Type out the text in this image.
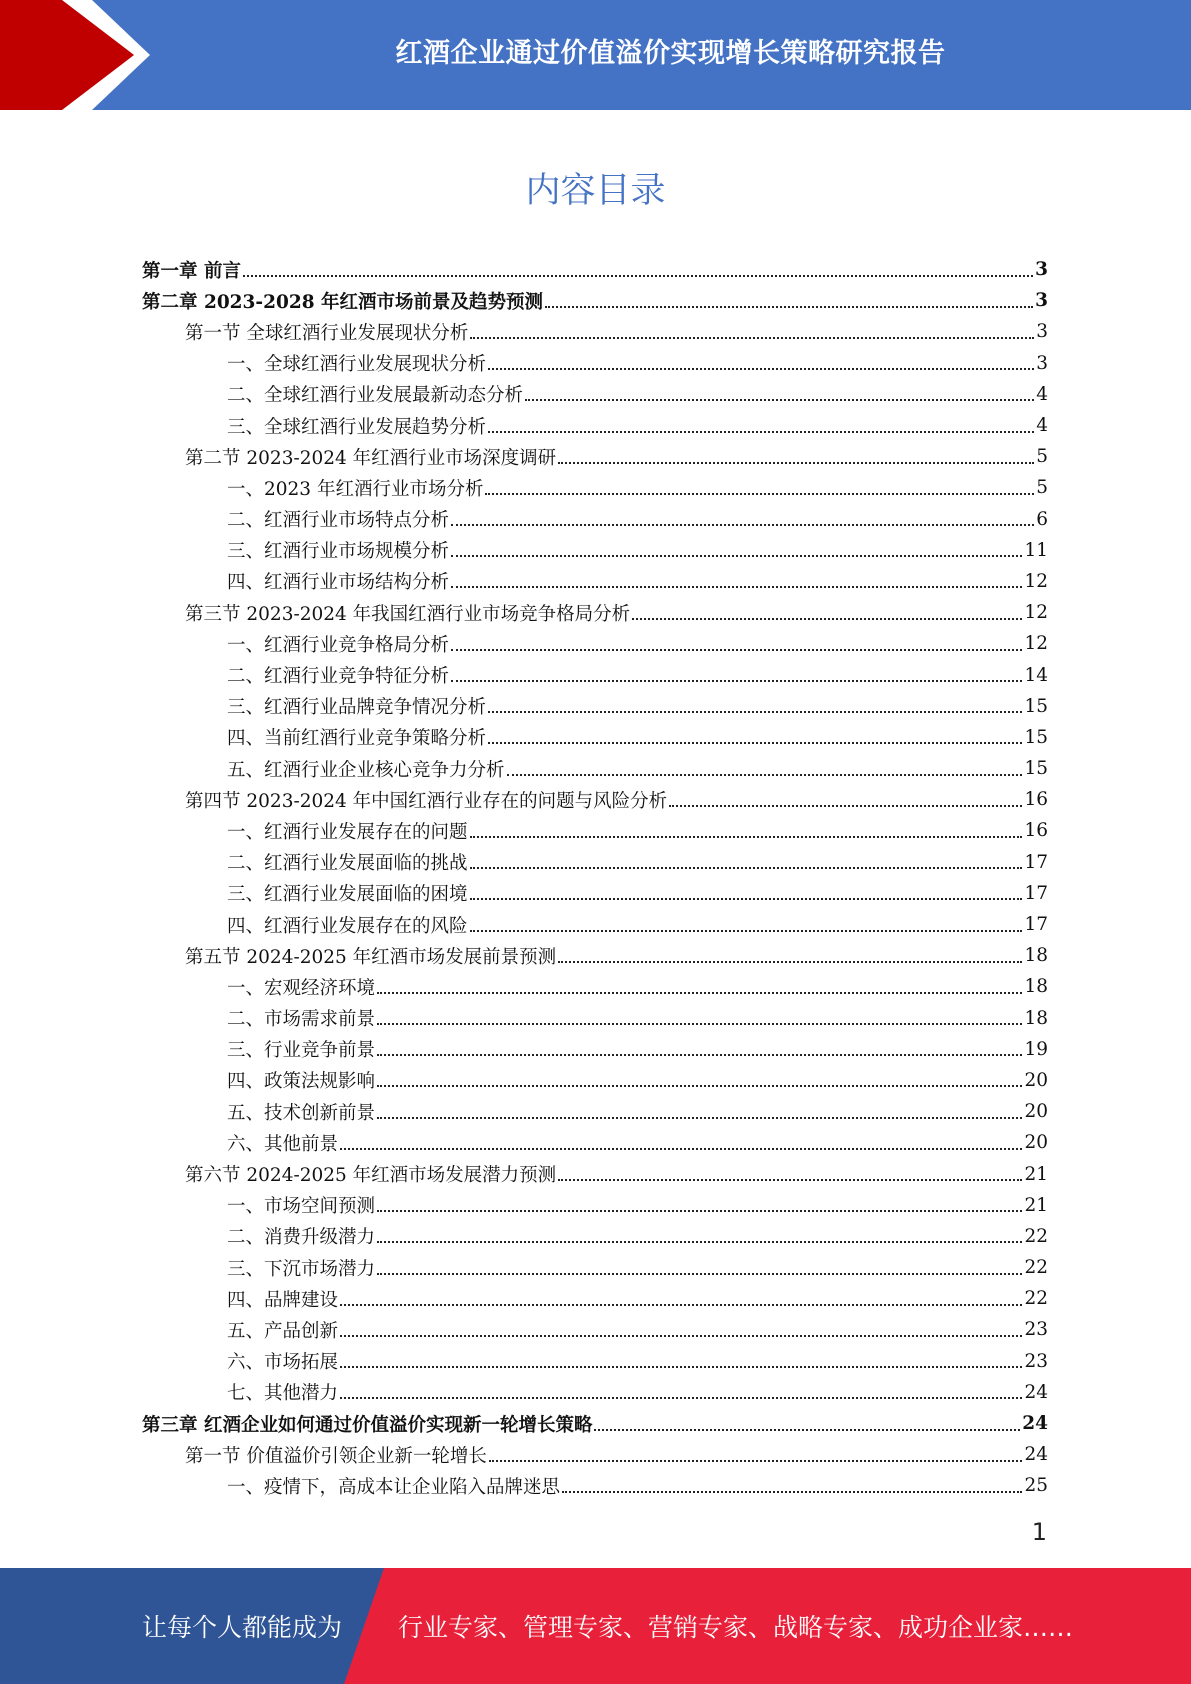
红酒企业通过价值溢价实现增长策略研究报告
内容目录
第一章 前言	3
第二章 2023-2028 年红酒市场前景及趋势预测	3
第一节 全球红酒行业发展现状分析	3
一、全球红酒行业发展现状分析	3
二、全球红酒行业发展最新动态分析	4
三、全球红酒行业发展趋势分析	4
第二节 2023-2024 年红酒行业市场深度调研	5
一、2023 年红酒行业市场分析	5
二、红酒行业市场特点分析	6
三、红酒行业市场规模分析	11
四、红酒行业市场结构分析	12
第三节 2023-2024 年我国红酒行业市场竞争格局分析	12
一、红酒行业竞争格局分析	12
二、红酒行业竞争特征分析	14
三、红酒行业品牌竞争情况分析	15
四、当前红酒行业竞争策略分析	15
五、红酒行业企业核心竞争力分析	15
第四节 2023-2024 年中国红酒行业存在的问题与风险分析	16
一、红酒行业发展存在的问题	16
二、红酒行业发展面临的挑战	17
三、红酒行业发展面临的困境	17
四、红酒行业发展存在的风险	17
第五节 2024-2025 年红酒市场发展前景预测	18
一、宏观经济环境	18
二、市场需求前景	18
三、行业竞争前景	19
四、政策法规影响	20
五、技术创新前景	20
六、其他前景	20
第六节 2024-2025 年红酒市场发展潜力预测	21
一、市场空间预测	21
二、消费升级潜力	22
三、下沉市场潜力	22
四、品牌建设	22
五、产品创新	23
六、市场拓展	23
七、其他潜力	24
第三章 红酒企业如何通过价值溢价实现新一轮增长策略	24
第一节 价值溢价引领企业新一轮增长	24
一、疫情下，高成本让企业陷入品牌迷思	25
1
让每个人都能成为 行业专家、管理专家、营销专家、战略专家、成功企业家……
